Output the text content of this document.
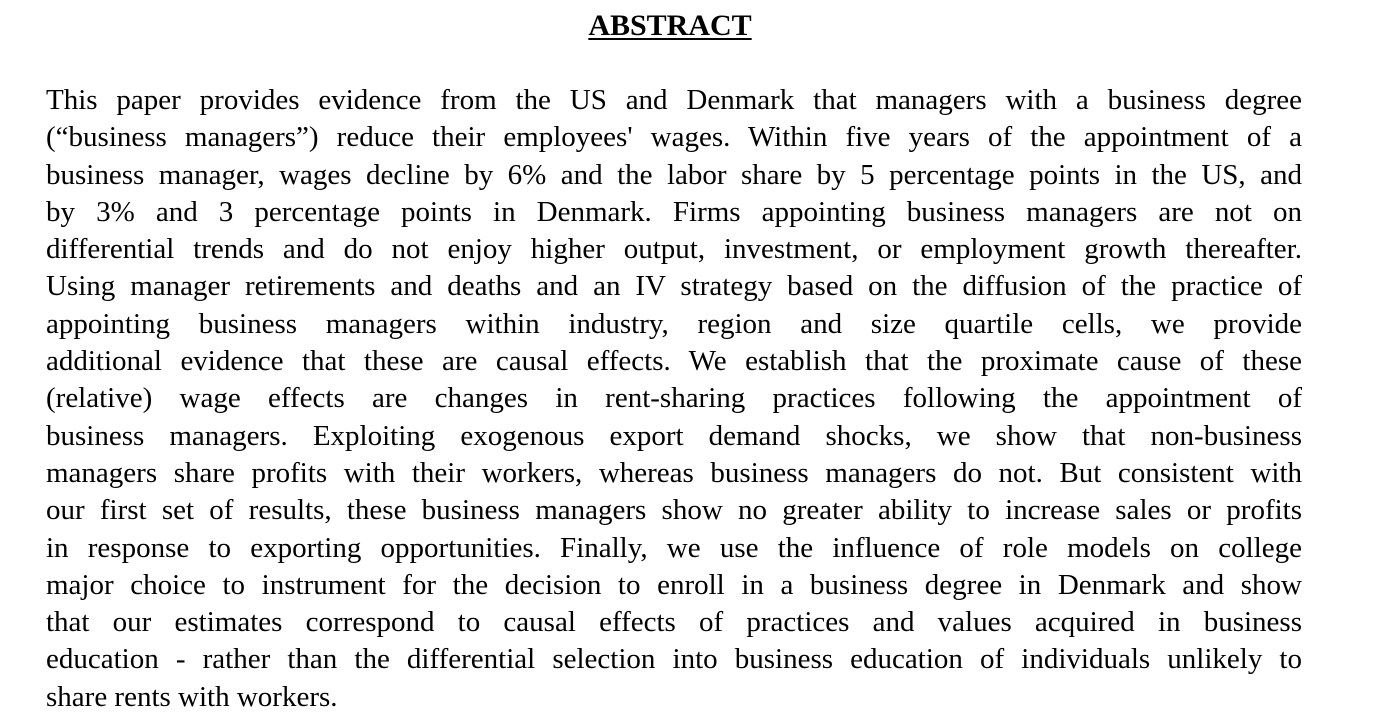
ABSTRACT
This paper provides evidence from the US and Denmark that managers with a business degree
(“business managers”) reduce their employees' wages. Within five years of the appointment of a
business manager, wages decline by 6% and the labor share by 5 percentage points in the US, and
by 3% and 3 percentage points in Denmark. Firms appointing business managers are not on
differential trends and do not enjoy higher output, investment, or employment growth thereafter.
Using manager retirements and deaths and an IV strategy based on the diffusion of the practice of
appointing business managers within industry, region and size quartile cells, we provide
additional evidence that these are causal effects. We establish that the proximate cause of these
(relative) wage effects are changes in rent-sharing practices following the appointment of
business managers. Exploiting exogenous export demand shocks, we show that non-business
managers share profits with their workers, whereas business managers do not. But consistent with
our first set of results, these business managers show no greater ability to increase sales or profits
in response to exporting opportunities. Finally, we use the influence of role models on college
major choice to instrument for the decision to enroll in a business degree in Denmark and show
that our estimates correspond to causal effects of practices and values acquired in business
education - rather than the differential selection into business education of individuals unlikely to
share rents with workers.
